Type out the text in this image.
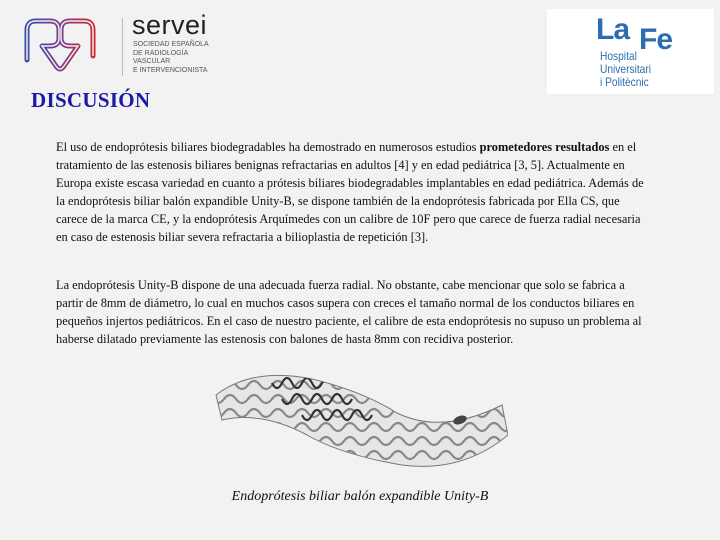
servei
SOCIEDAD ESPAÑOLA
DE RADIOLOGÍA
VASCULAR
E INTERVENCIONISTA
La Fe
Hospital
Universitari
i Politècnic
DISCUSIÓN

El uso de endoprótesis biliares biodegradables ha demostrado en numerosos estudios prometedores resultados en el tratamiento de las estenosis biliares benignas refractarias en adultos [4] y en edad pediátrica [3, 5]. Actualmente en Europa existe escasa variedad en cuanto a prótesis biliares biodegradables implantables en edad pediátrica. Además de la endoprótesis biliar balón expandible Unity-B, se dispone también de la endoprótesis fabricada por Ella CS, que carece de la marca CE, y la endoprótesis Arquímedes con un calibre de 10F pero que carece de fuerza radial necesaria en caso de estenosis biliar severa refractaria a bilioplastia de repetición [3].

La endoprótesis Unity-B dispone de una adecuada fuerza radial. No obstante, cabe mencionar que solo se fabrica a partir de 8mm de diámetro, lo cual en muchos casos supera con creces el tamaño normal de los conductos biliares en pequeños injertos pediátricos. En el caso de nuestro paciente, el calibre de esta endoprótesis no supuso un problema al haberse dilatado previamente las estenosis con balones de hasta 8mm con recidiva posterior.

Endoprótesis biliar balón expandible Unity-B
